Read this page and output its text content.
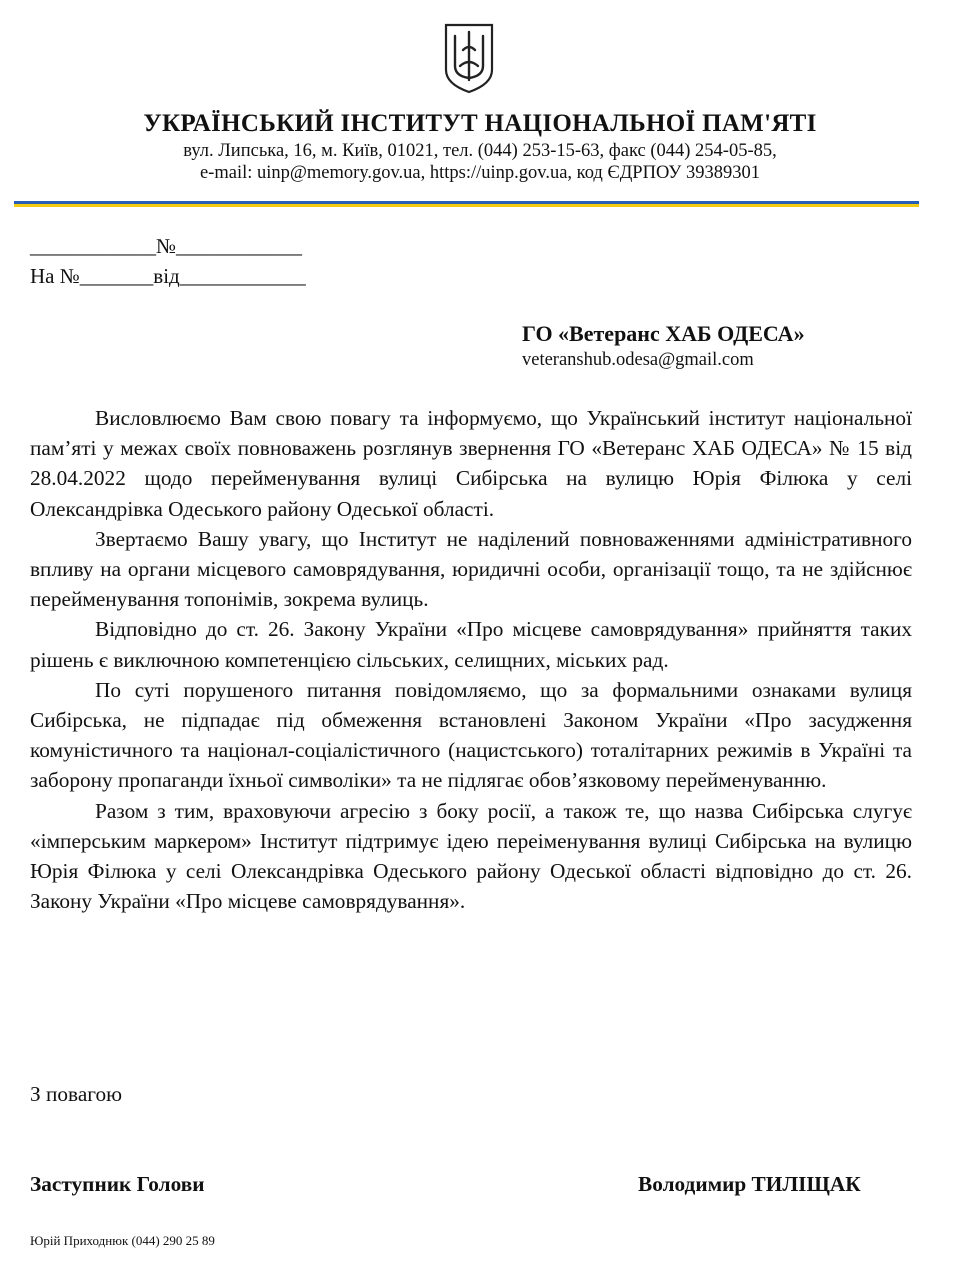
УКРАЇНСЬКИЙ ІНСТИТУТ НАЦІОНАЛЬНОЇ ПАМ'ЯТІ
вул. Липська, 16, м. Київ, 01021, тел. (044) 253-15-63, факс (044) 254-05-85,
e-mail: uinp@memory.gov.ua, https://uinp.gov.ua, код ЄДРПОУ 39389301
____________№____________
На №_______від____________
ГО «Ветеранс ХАБ ОДЕСА»
veteranshub.odesa@gmail.com

Висловлюємо Вам свою повагу та інформуємо, що Український інститут національної пам’яті у межах своїх повноважень розглянув звернення ГО «Ветеранс ХАБ ОДЕСА» № 15 від 28.04.2022 щодо перейменування вулиці Сибірська на вулицю Юрія Філюка у селі Олександрівка Одеського району Одеської області.

Звертаємо Вашу увагу, що Інститут не наділений повноваженнями адміністративного впливу на органи місцевого самоврядування, юридичні особи, організації тощо, та не здійснює перейменування топонімів, зокрема вулиць.

Відповідно до ст. 26. Закону України «Про місцеве самоврядування» прийняття таких рішень є виключною компетенцією сільських, селищних, міських рад.

По суті порушеного питання повідомляємо, що за формальними ознаками вулиця Сибірська, не підпадає під обмеження встановлені Законом України «Про засудження комуністичного та націонал-соціалістичного (нацистського) тоталітарних режимів в Україні та заборону пропаганди їхньої символіки» та не підлягає обов’язковому перейменуванню.

Разом з тим, враховуючи агресію з боку росії, а також те, що назва Сибірська слугує «імперським маркером» Інститут підтримує ідею переіменування вулиці Сибірська на вулицю Юрія Філюка у селі Олександрівка Одеського району Одеської області відповідно до ст. 26. Закону України «Про місцеве самоврядування».

З повагою
Заступник Голови	Володимир ТИЛІЩАК
Юрій Приходнюк (044) 290 25 89
